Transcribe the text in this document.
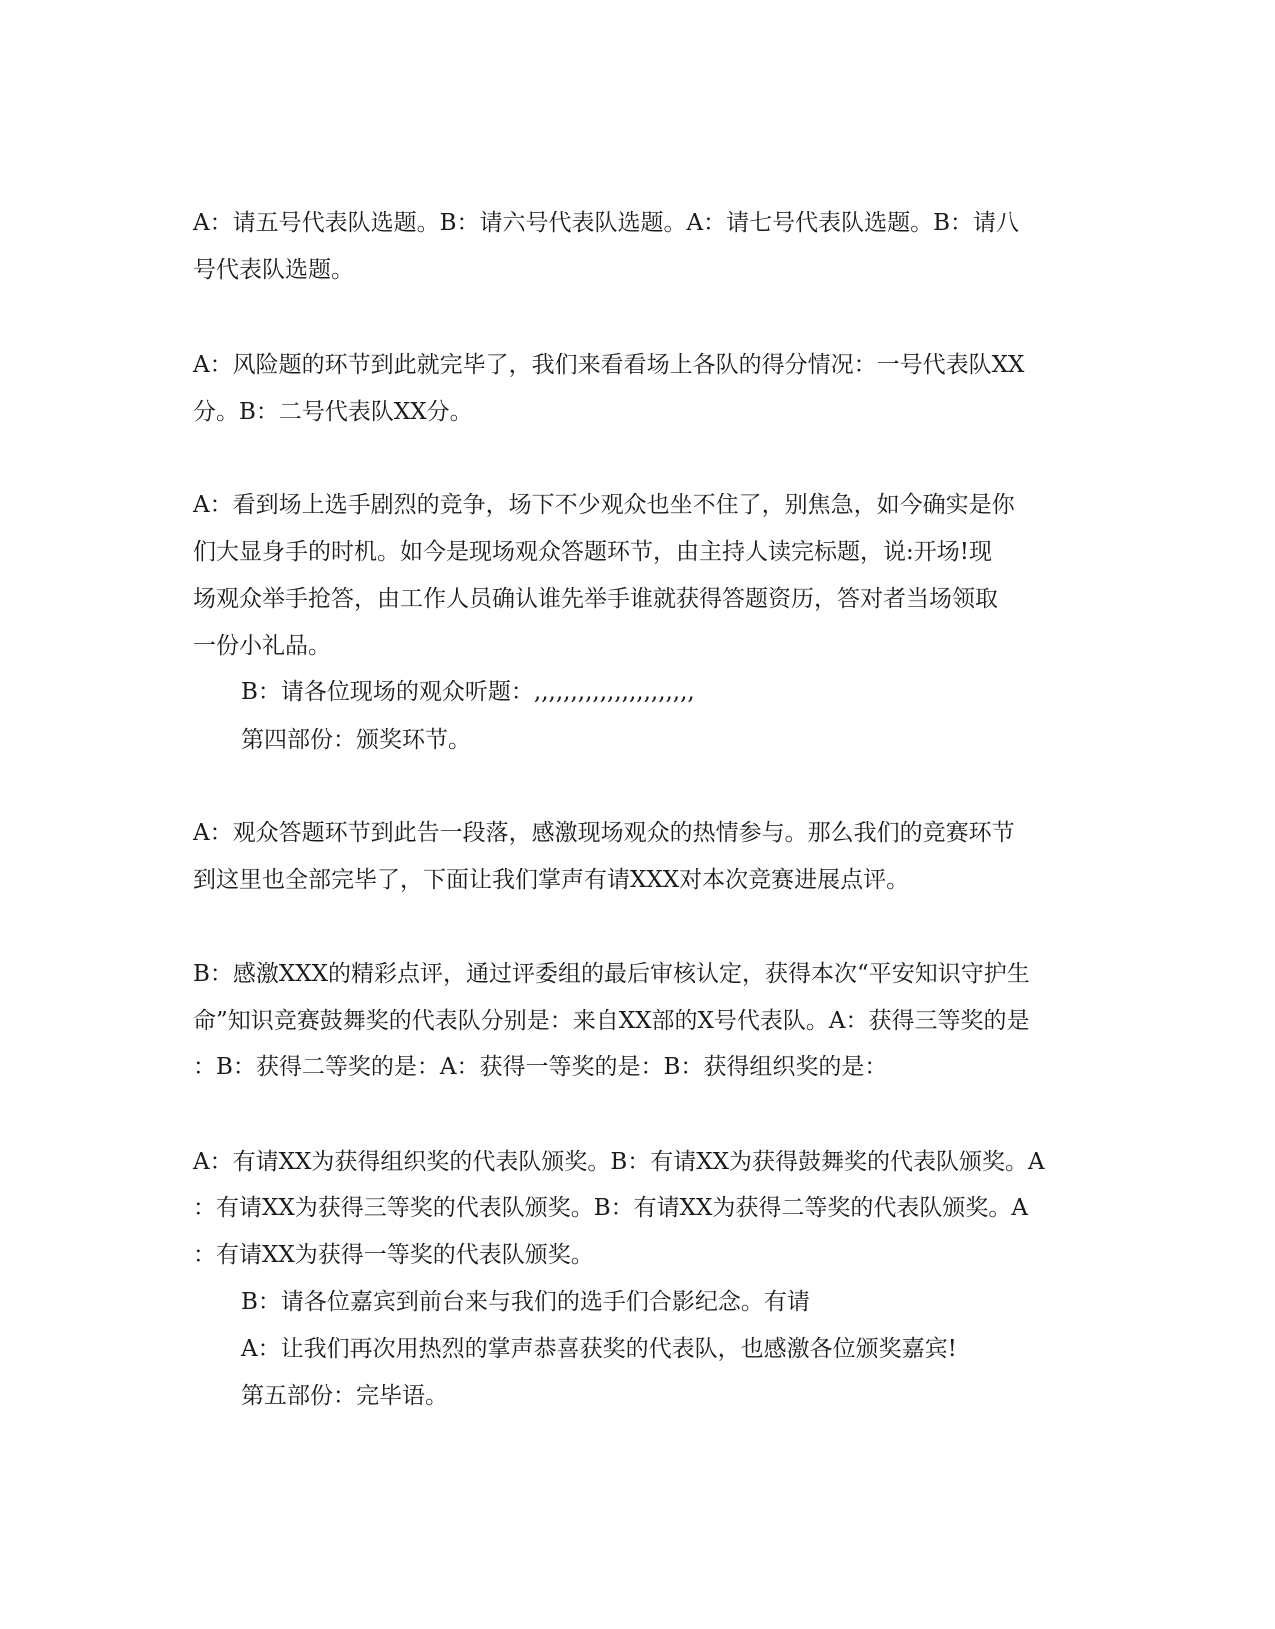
A：请五号代表队选题。B：请六号代表队选题。A：请七号代表队选题。B：请八
号代表队选题。
A：风险题的环节到此就完毕了，我们来看看场上各队的得分情况：一号代表队XX
分。B：二号代表队XX分。
A：看到场上选手剧烈的竞争，场下不少观众也坐不住了，别焦急，如今确实是你
们大显身手的时机。如今是现场观众答题环节，由主持人读完标题，说:开场!现
场观众举手抢答，由工作人员确认谁先举手谁就获得答题资历，答对者当场领取
一份小礼品。
B：请各位现场的观众听题：,,,,,,,,,,,,,,,,,,,,,,
第四部份：颁奖环节。
A：观众答题环节到此告一段落，感激现场观众的热情参与。那么我们的竞赛环节
到这里也全部完毕了，下面让我们掌声有请XXX对本次竞赛进展点评。
B：感激XXX的精彩点评，通过评委组的最后审核认定，获得本次“平安知识守护生
命”知识竞赛鼓舞奖的代表队分别是：来自XX部的X号代表队。A：获得三等奖的是
：B：获得二等奖的是：A：获得一等奖的是：B：获得组织奖的是：
A：有请XX为获得组织奖的代表队颁奖。B：有请XX为获得鼓舞奖的代表队颁奖。A
：有请XX为获得三等奖的代表队颁奖。B：有请XX为获得二等奖的代表队颁奖。A
：有请XX为获得一等奖的代表队颁奖。
B：请各位嘉宾到前台来与我们的选手们合影纪念。有请
A：让我们再次用热烈的掌声恭喜获奖的代表队，也感激各位颁奖嘉宾!
第五部份：完毕语。
